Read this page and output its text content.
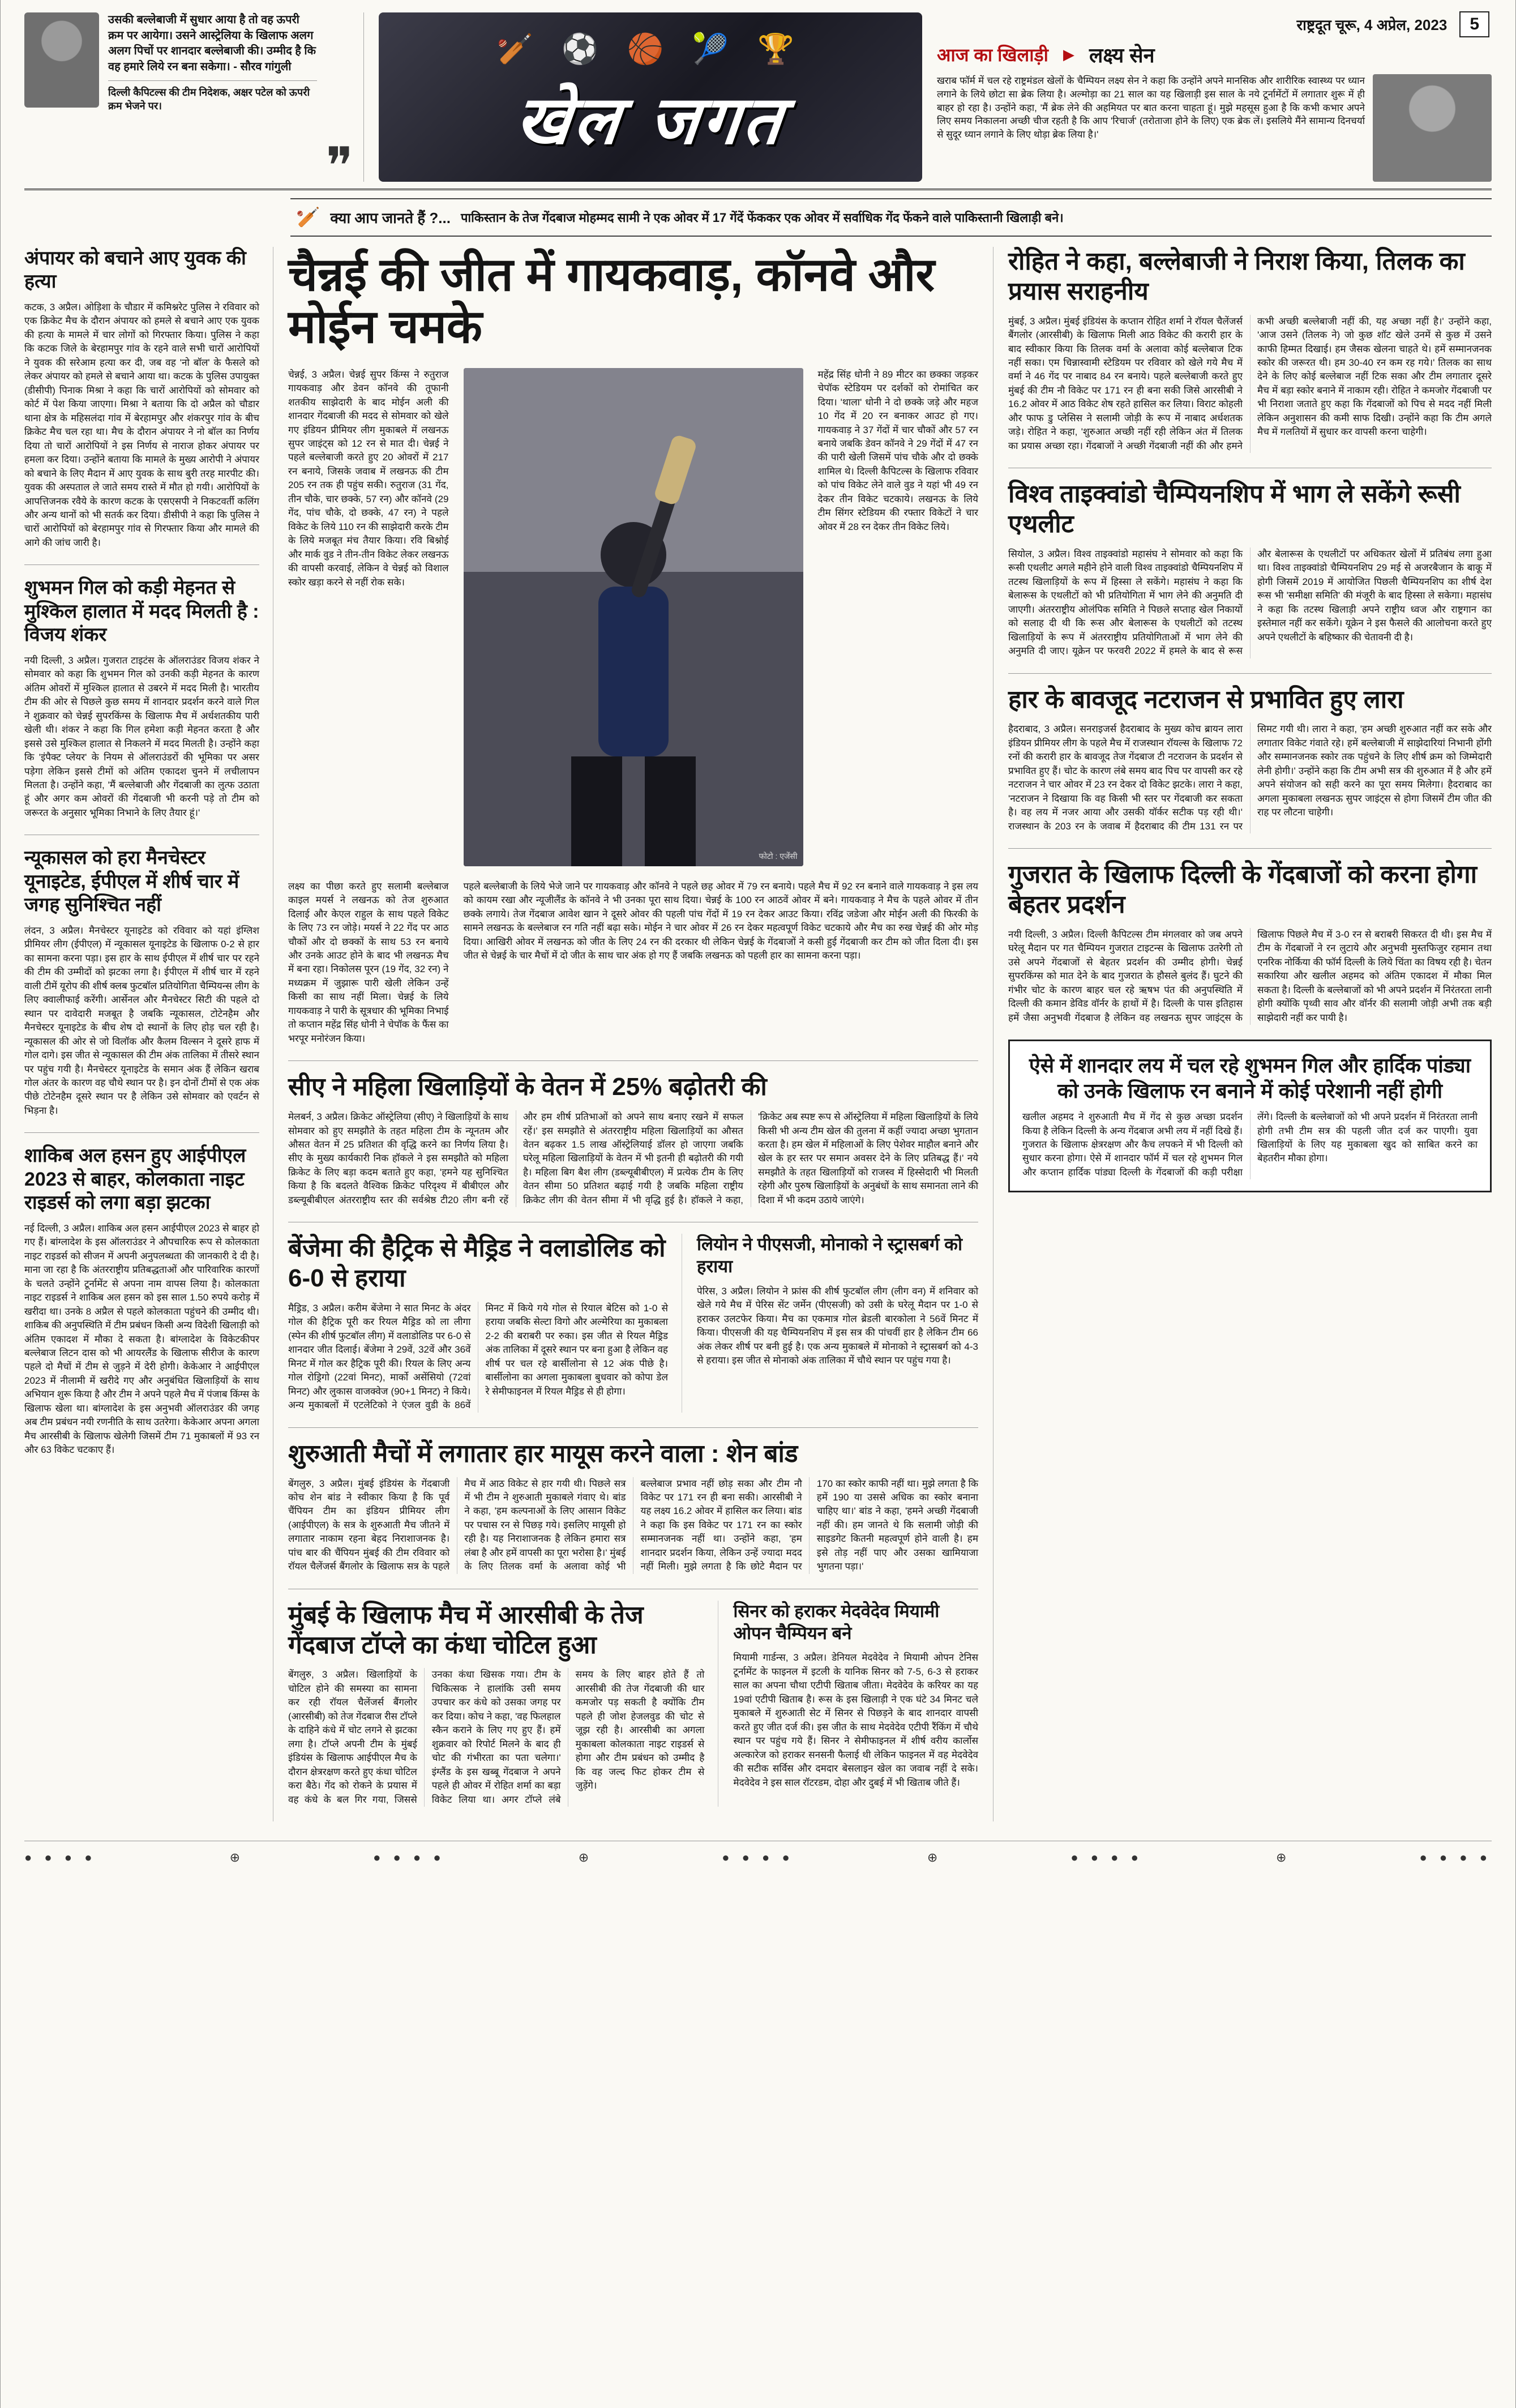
राष्ट्रदूत चूरू, 4 अप्रेल, 2023	5

उसकी बल्लेबाजी में सुधार आया है तो वह ऊपरी क्रम पर आयेगा। उसने आस्ट्रेलिया के खिलाफ अलग अलग पिचों पर शानदार बल्लेबाजी की। उम्मीद है कि वह हमारे लिये रन बना सकेगा। - सौरव गांगुली

दिल्ली कैपिटल्स की टीम निदेशक, अक्षर पटेल को ऊपरी क्रम भेजने पर।

❞
🏏 ⚽ 🏀 🎾 🏆
खेल जगत
आज का खिलाड़ी ▶ लक्ष्य सेन

खराब फॉर्म में चल रहे राष्ट्रमंडल खेलों के चैम्पियन लक्ष्य सेन ने कहा कि उन्होंने अपने मानसिक और शारीरिक स्वास्थ्य पर ध्यान लगाने के लिये छोटा सा ब्रेक लिया है। अल्मोड़ा का 21 साल का यह खिलाड़ी इस साल के नये टूर्नामेंटों में लगातार शुरू में ही बाहर हो रहा है। उन्होंने कहा, 'मैं ब्रेक लेने की अहमियत पर बात करना चाहता हूं। मुझे महसूस हुआ है कि कभी कभार अपने लिए समय निकालना अच्छी चीज रहती है कि आप 'रिचार्ज' (तरोताजा होने के लिए) एक ब्रेक लें। इसलिये मैंने सामान्य दिनचर्या से सुदूर ध्यान लगाने के लिए थोड़ा ब्रेक लिया है।'

🏏 क्या आप जानते हैं ?... पाकिस्तान के तेज गेंदबाज मोहम्मद सामी ने एक ओवर में 17 गेंदें फेंककर एक ओवर में सर्वाधिक गेंद फेंकने वाले पाकिस्तानी खिलाड़ी बने।
अंपायर को बचाने आए युवक की हत्या

कटक, 3 अप्रैल। ओड़िशा के चौडार में कमिश्नरेट पुलिस ने रविवार को एक क्रिकेट मैच के दौरान अंपायर को हमले से बचाने आए एक युवक की हत्या के मामले में चार लोगों को गिरफ्तार किया। पुलिस ने कहा कि कटक जिले के बेरहामपुर गांव के रहने वाले सभी चारों आरोपियों ने युवक की सरेआम हत्या कर दी, जब वह 'नो बॉल' के फैसले को लेकर अंपायर को हमले से बचाने आया था। कटक के पुलिस उपायुक्त (डीसीपी) पिनाक मिश्रा ने कहा कि चारों आरोपियों को सोमवार को कोर्ट में पेश किया जाएगा। मिश्रा ने बताया कि दो अप्रैल को चौडार थाना क्षेत्र के महिसलंदा गांव में बेरहामपुर और शंकरपुर गांव के बीच क्रिकेट मैच चल रहा था। मैच के दौरान अंपायर ने नो बॉल का निर्णय दिया तो चारों आरोपियों ने इस निर्णय से नाराज होकर अंपायर पर हमला कर दिया। उन्होंने बताया कि मामले के मुख्य आरोपी ने अंपायर को बचाने के लिए मैदान में आए युवक के साथ बुरी तरह मारपीट की। युवक की अस्पताल ले जाते समय रास्ते में मौत हो गयी। आरोपियों के आपत्तिजनक रवैये के कारण कटक के एसएसपी ने निकटवर्ती कलिंग और अन्य थानों को भी सतर्क कर दिया। डीसीपी ने कहा कि पुलिस ने चारों आरोपियों को बेरहामपुर गांव से गिरफ्तार किया और मामले की आगे की जांच जारी है।

शुभमन गिल को कड़ी मेहनत से मुश्किल हालात में मदद मिलती है : विजय शंकर

नयी दिल्ली, 3 अप्रैल। गुजरात टाइटंस के ऑलराउंडर विजय शंकर ने सोमवार को कहा कि शुभमन गिल को उनकी कड़ी मेहनत के कारण अंतिम ओवरों में मुश्किल हालात से उबरने में मदद मिली है। भारतीय टीम की ओर से पिछले कुछ समय में शानदार प्रदर्शन करने वाले गिल ने शुक्रवार को चेन्नई सुपरकिंग्स के खिलाफ मैच में अर्धशतकीय पारी खेली थी। शंकर ने कहा कि गिल हमेशा कड़ी मेहनत करता है और इससे उसे मुश्किल हालात से निकलने में मदद मिलती है। उन्होंने कहा कि 'इंपैक्ट प्लेयर' के नियम से ऑलराउंडरों की भूमिका पर असर पड़ेगा लेकिन इससे टीमों को अंतिम एकादश चुनने में लचीलापन मिलता है। उन्होंने कहा, 'मैं बल्लेबाजी और गेंदबाजी का लुत्फ उठाता हूं और अगर कम ओवरों की गेंदबाजी भी करनी पड़े तो टीम को जरूरत के अनुसार भूमिका निभाने के लिए तैयार हूं।'

न्यूकासल को हरा मैनचेस्टर यूनाइटेड, ईपीएल में शीर्ष चार में जगह सुनिश्चित नहीं

लंदन, 3 अप्रैल। मैनचेस्टर यूनाइटेड को रविवार को यहां इंग्लिश प्रीमियर लीग (ईपीएल) में न्यूकासल यूनाइटेड के खिलाफ 0-2 से हार का सामना करना पड़ा। इस हार के साथ ईपीएल में शीर्ष चार पर रहने की टीम की उम्मीदों को झटका लगा है। ईपीएल में शीर्ष चार में रहने वाली टीमें यूरोप की शीर्ष क्लब फुटबॉल प्रतियोगिता चैम्पियन्स लीग के लिए क्वालीफाई करेंगी। आर्सेनल और मैनचेस्टर सिटी की पहले दो स्थान पर दावेदारी मजबूत है जबकि न्यूकासल, टोटेनहैम और मैनचेस्टर यूनाइटेड के बीच शेष दो स्थानों के लिए होड़ चल रही है। न्यूकासल की ओर से जो विलॉक और कैलम विल्सन ने दूसरे हाफ में गोल दागे। इस जीत से न्यूकासल की टीम अंक तालिका में तीसरे स्थान पर पहुंच गयी है। मैनचेस्टर यूनाइटेड के समान अंक हैं लेकिन खराब गोल अंतर के कारण वह चौथे स्थान पर है। इन दोनों टीमों से एक अंक पीछे टोटेनहैम दूसरे स्थान पर है लेकिन उसे सोमवार को एवर्टन से भिड़ना है।

शाकिब अल हसन हुए आईपीएल 2023 से बाहर, कोलकाता नाइट राइडर्स को लगा बड़ा झटका

नई दिल्ली, 3 अप्रैल। शाकिब अल हसन आईपीएल 2023 से बाहर हो गए हैं। बांग्लादेश के इस ऑलराउंडर ने औपचारिक रूप से कोलकाता नाइट राइडर्स को सीजन में अपनी अनुपलब्धता की जानकारी दे दी है। माना जा रहा है कि अंतरराष्ट्रीय प्रतिबद्धताओं और पारिवारिक कारणों के चलते उन्होंने टूर्नामेंट से अपना नाम वापस लिया है। कोलकाता नाइट राइडर्स ने शाकिब अल हसन को इस साल 1.50 रुपये करोड़ में खरीदा था। उनके 8 अप्रैल से पहले कोलकाता पहुंचने की उम्मीद थी। शाकिब की अनुपस्थिति में टीम प्रबंधन किसी अन्य विदेशी खिलाड़ी को अंतिम एकादश में मौका दे सकता है। बांग्लादेश के विकेटकीपर बल्लेबाज लिटन दास को भी आयरलैंड के खिलाफ सीरीज के कारण पहले दो मैचों में टीम से जुड़ने में देरी होगी। केकेआर ने आईपीएल 2023 में नीलामी में खरीदे गए और अनुबंधित खिलाड़ियों के साथ अभियान शुरू किया है और टीम ने अपने पहले मैच में पंजाब किंग्स के खिलाफ खेला था। बांग्लादेश के इस अनुभवी ऑलराउंडर की जगह अब टीम प्रबंधन नयी रणनीति के साथ उतरेगा। केकेआर अपना अगला मैच आरसीबी के खिलाफ खेलेगी जिसमें टीम 71 मुकाबलों में 93 रन और 63 विकेट चटकाए हैं।

चैन्नई की जीत में गायकवाड़, कॉनवे और मोईन चमके

चेन्नई, 3 अप्रैल। चेन्नई सुपर किंग्स ने रुतुराज गायकवाड़ और डेवन कॉनवे की तूफानी शतकीय साझेदारी के बाद मोईन अली की शानदार गेंदबाजी की मदद से सोमवार को खेले गए इंडियन प्रीमियर लीग मुकाबले में लखनऊ सुपर जाइंट्स को 12 रन से मात दी। चेन्नई ने पहले बल्लेबाजी करते हुए 20 ओवरों में 217 रन बनाये, जिसके जवाब में लखनऊ की टीम 205 रन तक ही पहुंच सकी। रुतुराज (31 गेंद, तीन चौके, चार छक्के, 57 रन) और कॉनवे (29 गेंद, पांच चौके, दो छक्के, 47 रन) ने पहले विकेट के लिये 110 रन की साझेदारी करके टीम के लिये मजबूत मंच तैयार किया। रवि बिश्नोई और मार्क वुड ने तीन-तीन विकेट लेकर लखनऊ की वापसी करवाई, लेकिन वे चेन्नई को विशाल स्कोर खड़ा करने से नहीं रोक सके।

फोटो : एजेंसी

महेंद्र सिंह धोनी ने 89 मीटर का छक्का जड़कर चेपॉक स्टेडियम पर दर्शकों को रोमांचित कर दिया। 'थाला' धोनी ने दो छक्के जड़े और महज 10 गेंद में 20 रन बनाकर आउट हो गए। गायकवाड़ ने 37 गेंदों में चार चौकों और 57 रन बनाये जबकि डेवन कॉनवे ने 29 गेंदों में 47 रन की पारी खेली जिसमें पांच चौके और दो छक्के शामिल थे। दिल्ली कैपिटल्स के खिलाफ रविवार को पांच विकेट लेने वाले वुड ने यहां भी 49 रन देकर तीन विकेट चटकाये। लखनऊ के लिये टीम सिंगर स्टेडियम की रफ्तार विकेटों ने चार ओवर में 28 रन देकर तीन विकेट लिये।

लक्ष्य का पीछा करते हुए सलामी बल्लेबाज काइल मयर्स ने लखनऊ को तेज शुरुआत दिलाई और केएल राहुल के साथ पहले विकेट के लिए 73 रन जोड़े। मयर्स ने 22 गेंद पर आठ चौकों और दो छक्कों के साथ 53 रन बनाये और उनके आउट होने के बाद भी लखनऊ मैच में बना रहा। निकोलस पूरन (19 गेंद, 32 रन) ने मध्यक्रम में जुझारू पारी खेली लेकिन उन्हें किसी का साथ नहीं मिला। चेन्नई के लिये गायकवाड़ ने पारी के सूत्रधार की भूमिका निभाई तो कप्तान महेंद्र सिंह धोनी ने चेपॉक के फैंस का भरपूर मनोरंजन किया।

पहले बल्लेबाजी के लिये भेजे जाने पर गायकवाड़ और कॉनवे ने पहले छह ओवर में 79 रन बनाये। पहले मैच में 92 रन बनाने वाले गायकवाड़ ने इस लय को कायम रखा और न्यूजीलैंड के कॉनवे ने भी उनका पूरा साथ दिया। चेन्नई के 100 रन आठवें ओवर में बने। गायकवाड़ ने मैच के पहले ओवर में तीन छक्के लगाये। तेज गेंदबाज आवेश खान ने दूसरे ओवर की पहली पांच गेंदों में 19 रन देकर आउट किया। रविंद्र जडेजा और मोईन अली की फिरकी के सामने लखनऊ के बल्लेबाज रन गति नहीं बढ़ा सके। मोईन ने चार ओवर में 26 रन देकर महत्वपूर्ण विकेट चटकाये और मैच का रुख चेन्नई की ओर मोड़ दिया। आखिरी ओवर में लखनऊ को जीत के लिए 24 रन की दरकार थी लेकिन चेन्नई के गेंदबाजों ने कसी हुई गेंदबाजी कर टीम को जीत दिला दी। इस जीत से चेन्नई के चार मैचों में दो जीत के साथ चार अंक हो गए हैं जबकि लखनऊ को पहली हार का सामना करना पड़ा।

सीए ने महिला खिलाड़ियों के वेतन में 25% बढ़ोतरी की

मेलबर्न, 3 अप्रैल। क्रिकेट ऑस्ट्रेलिया (सीए) ने खिलाड़ियों के साथ सोमवार को हुए समझौते के तहत महिला टीम के न्यूनतम और औसत वेतन में 25 प्रतिशत की वृद्धि करने का निर्णय लिया है। सीए के मुख्य कार्यकारी निक हॉकले ने इस समझौते को महिला क्रिकेट के लिए बड़ा कदम बताते हुए कहा, 'हमने यह सुनिश्चित किया है कि बदलते वैश्विक क्रिकेट परिदृश्य में बीबीएल और डब्ल्यूबीबीएल अंतरराष्ट्रीय स्तर की सर्वश्रेष्ठ टी20 लीग बनी रहें और हम शीर्ष प्रतिभाओं को अपने साथ बनाए रखने में सफल रहें।' इस समझौते से अंतरराष्ट्रीय महिला खिलाड़ियों का औसत वेतन बढ़कर 1.5 लाख ऑस्ट्रेलियाई डॉलर हो जाएगा जबकि घरेलू महिला खिलाड़ियों के वेतन में भी इतनी ही बढ़ोतरी की गयी है। महिला बिग बैश लीग (डब्ल्यूबीबीएल) में प्रत्येक टीम के लिए वेतन सीमा 50 प्रतिशत बढ़ाई गयी है जबकि महिला राष्ट्रीय क्रिकेट लीग की वेतन सीमा में भी वृद्धि हुई है। हॉकले ने कहा, 'क्रिकेट अब स्पष्ट रूप से ऑस्ट्रेलिया में महिला खिलाड़ियों के लिये किसी भी अन्य टीम खेल की तुलना में कहीं ज्यादा अच्छा भुगतान करता है। हम खेल में महिलाओं के लिए पेशेवर माहौल बनाने और खेल के हर स्तर पर समान अवसर देने के लिए प्रतिबद्ध हैं।' नये समझौते के तहत खिलाड़ियों को राजस्व में हिस्सेदारी भी मिलती रहेगी और पुरुष खिलाड़ियों के अनुबंधों के साथ समानता लाने की दिशा में भी कदम उठाये जाएंगे।

बेंजेमा की हैट्रिक से मैड्रिड ने वलाडोलिड को 6-0 से हराया

मैड्रिड, 3 अप्रैल। करीम बेंजेमा ने सात मिनट के अंदर गोल की हैट्रिक पूरी कर रियल मैड्रिड को ला लीगा (स्पेन की शीर्ष फुटबॉल लीग) में वलाडोलिड पर 6-0 से शानदार जीत दिलाई। बेंजेमा ने 29वें, 32वें और 36वें मिनट में गोल कर हैट्रिक पूरी की। रियल के लिए अन्य गोल रोड्रिगो (22वां मिनट), मार्को असेंसियो (72वां मिनट) और लुकास वाजक्वेज (90+1 मिनट) ने किये। अन्य मुकाबलों में एटलेटिको ने एंजल वुडी के 86वें मिनट में किये गये गोल से रियाल बेटिस को 1-0 से हराया जबकि सेल्टा विगो और अल्मेरिया का मुकाबला 2-2 की बराबरी पर रुका। इस जीत से रियल मैड्रिड अंक तालिका में दूसरे स्थान पर बना हुआ है लेकिन वह शीर्ष पर चल रहे बार्सीलोना से 12 अंक पीछे है। बार्सीलोना का अगला मुकाबला बुधवार को कोपा डेल रे सेमीफाइनल में रियल मैड्रिड से ही होगा।

लियोन ने पीएसजी, मोनाको ने स्ट्रासबर्ग को हराया

पेरिस, 3 अप्रैल। लियोन ने फ्रांस की शीर्ष फुटबॉल लीग (लीग वन) में शनिवार को खेले गये मैच में पेरिस सेंट जर्मेन (पीएसजी) को उसी के घरेलू मैदान पर 1-0 से हराकर उलटफेर किया। मैच का एकमात्र गोल ब्रेडली बारकोला ने 56वें मिनट में किया। पीएसजी की यह चैम्पियनशिप में इस सत्र की पांचवीं हार है लेकिन टीम 66 अंक लेकर शीर्ष पर बनी हुई है। एक अन्य मुकाबले में मोनाको ने स्ट्रासबर्ग को 4-3 से हराया। इस जीत से मोनाको अंक तालिका में चौथे स्थान पर पहुंच गया है।

शुरुआती मैचों में लगातार हार मायूस करने वाला : शेन बांड

बेंगलुरु, 3 अप्रैल। मुंबई इंडियंस के गेंदबाजी कोच शेन बांड ने स्वीकार किया है कि पूर्व चैंपियन टीम का इंडियन प्रीमियर लीग (आईपीएल) के सत्र के शुरुआती मैच जीतने में लगातार नाकाम रहना बेहद निराशाजनक है। पांच बार की चैंपियन मुंबई की टीम रविवार को रॉयल चैलेंजर्स बैंगलोर के खिलाफ सत्र के पहले मैच में आठ विकेट से हार गयी थी। पिछले सत्र में भी टीम ने शुरुआती मुकाबले गंवाए थे। बांड ने कहा, 'हम कल्पनाओं के लिए आसान विकेट पर पचास रन से पिछड़ गये। इसलिए मायूसी हो रही है। यह निराशाजनक है लेकिन हमारा सत्र लंबा है और हमें वापसी का पूरा भरोसा है।' मुंबई के लिए तिलक वर्मा के अलावा कोई भी बल्लेबाज प्रभाव नहीं छोड़ सका और टीम नौ विकेट पर 171 रन ही बना सकी। आरसीबी ने यह लक्ष्य 16.2 ओवर में हासिल कर लिया। बांड ने कहा कि इस विकेट पर 171 रन का स्कोर सम्मानजनक नहीं था। उन्होंने कहा, 'हम शानदार प्रदर्शन किया, लेकिन उन्हें ज्यादा मदद नहीं मिली। मुझे लगता है कि छोटे मैदान पर 170 का स्कोर काफी नहीं था। मुझे लगता है कि हमें 190 या उससे अधिक का स्कोर बनाना चाहिए था।' बांड ने कहा, 'हमने अच्छी गेंदबाजी नहीं की। हम जानते थे कि सलामी जोड़ी की साइडगेट कितनी महत्वपूर्ण होने वाली है। हम इसे तोड़ नहीं पाए और उसका खामियाजा भुगतना पड़ा।'

मुंबई के खिलाफ मैच में आरसीबी के तेज गेंदबाज टॉप्ले का कंधा चोटिल हुआ

बेंगलुरु, 3 अप्रैल। खिलाड़ियों के चोटिल होने की समस्या का सामना कर रही रॉयल चैलेंजर्स बैंगलोर (आरसीबी) को तेज गेंदबाज रीस टॉप्ले के दाहिने कंधे में चोट लगने से झटका लगा है। टॉप्ले अपनी टीम के मुंबई इंडियंस के खिलाफ आईपीएल मैच के दौरान क्षेत्ररक्षण करते हुए कंधा चोटिल करा बैठे। गेंद को रोकने के प्रयास में वह कंधे के बल गिर गया, जिससे उनका कंधा खिसक गया। टीम के चिकित्सक ने हालांकि उसी समय उपचार कर कंधे को उसका जगह पर कर दिया। कोच ने कहा, 'वह फिलहाल स्कैन कराने के लिए गए हुए हैं। हमें शुक्रवार को रिपोर्ट मिलने के बाद ही चोट की गंभीरता का पता चलेगा।' इंग्लैंड के इस खब्बू गेंदबाज ने अपने पहले ही ओवर में रोहित शर्मा का बड़ा विकेट लिया था। अगर टॉप्ले लंबे समय के लिए बाहर होते हैं तो आरसीबी की तेज गेंदबाजी की धार कमजोर पड़ सकती है क्योंकि टीम पहले ही जोश हेजलवुड की चोट से जूझ रही है। आरसीबी का अगला मुकाबला कोलकाता नाइट राइडर्स से होगा और टीम प्रबंधन को उम्मीद है कि वह जल्द फिट होकर टीम से जुड़ेंगे।

सिनर को हराकर मेदवेदेव मियामी ओपन चैम्पियन बने

मियामी गार्डन्स, 3 अप्रैल। डेनियल मेदवेदेव ने मियामी ओपन टेनिस टूर्नामेंट के फाइनल में इटली के यानिक सिनर को 7-5, 6-3 से हराकर साल का अपना चौथा एटीपी खिताब जीता। मेदवेदेव के करियर का यह 19वां एटीपी खिताब है। रूस के इस खिलाड़ी ने एक घंटे 34 मिनट चले मुकाबले में शुरुआती सेट में सिनर से पिछड़ने के बाद शानदार वापसी करते हुए जीत दर्ज की। इस जीत के साथ मेदवेदेव एटीपी रैंकिंग में चौथे स्थान पर पहुंच गये हैं। सिनर ने सेमीफाइनल में शीर्ष वरीय कार्लोस अल्कारेज को हराकर सनसनी फैलाई थी लेकिन फाइनल में वह मेदवेदेव की सटीक सर्विस और दमदार बेसलाइन खेल का जवाब नहीं दे सके। मेदवेदेव ने इस साल रॉटरडम, दोहा और दुबई में भी खिताब जीते हैं।

रोहित ने कहा, बल्लेबाजी ने निराश किया, तिलक का प्रयास सराहनीय

मुंबई, 3 अप्रैल। मुंबई इंडियंस के कप्तान रोहित शर्मा ने रॉयल चैलेंजर्स बैंगलोर (आरसीबी) के खिलाफ मिली आठ विकेट की करारी हार के बाद स्वीकार किया कि तिलक वर्मा के अलावा कोई बल्लेबाज टिक नहीं सका। एम चिन्नास्वामी स्टेडियम पर रविवार को खेले गये मैच में वर्मा ने 46 गेंद पर नाबाद 84 रन बनाये। पहले बल्लेबाजी करते हुए मुंबई की टीम नौ विकेट पर 171 रन ही बना सकी जिसे आरसीबी ने 16.2 ओवर में आठ विकेट शेष रहते हासिल कर लिया। विराट कोहली और फाफ डु प्लेसिस ने सलामी जोड़ी के रूप में नाबाद अर्धशतक जड़े। रोहित ने कहा, 'शुरुआत अच्छी नहीं रही लेकिन अंत में तिलक का प्रयास अच्छा रहा। गेंदबाजों ने अच्छी गेंदबाजी नहीं की और हमने कभी अच्छी बल्लेबाजी नहीं की, यह अच्छा नहीं है।' उन्होंने कहा, 'आज उसने (तिलक ने) जो कुछ शॉट खेले उनमें से कुछ में उसने काफी हिम्मत दिखाई। हम जैसक खेलना चाहते थे। हमें सम्मानजनक स्कोर की जरूरत थी। हम 30-40 रन कम रह गये।' तिलक का साथ देने के लिए कोई बल्लेबाज नहीं टिक सका और टीम लगातार दूसरे मैच में बड़ा स्कोर बनाने में नाकाम रही। रोहित ने कमजोर गेंदबाजी पर भी निराशा जताते हुए कहा कि गेंदबाजों को पिच से मदद नहीं मिली लेकिन अनुशासन की कमी साफ दिखी। उन्होंने कहा कि टीम अगले मैच में गलतियों में सुधार कर वापसी करना चाहेगी।

विश्व ताइक्वांडो चैम्पियनशिप में भाग ले सकेंगे रूसी एथलीट

सियोल, 3 अप्रैल। विश्व ताइक्वांडो महासंघ ने सोमवार को कहा कि रूसी एथलीट अगले महीने होने वाली विश्व ताइक्वांडो चैम्पियनशिप में तटस्थ खिलाड़ियों के रूप में हिस्सा ले सकेंगे। महासंघ ने कहा कि बेलारूस के एथलीटों को भी प्रतियोगिता में भाग लेने की अनुमति दी जाएगी। अंतरराष्ट्रीय ओलंपिक समिति ने पिछले सप्ताह खेल निकायों को सलाह दी थी कि रूस और बेलारूस के एथलीटों को तटस्थ खिलाड़ियों के रूप में अंतरराष्ट्रीय प्रतियोगिताओं में भाग लेने की अनुमति दी जाए। यूक्रेन पर फरवरी 2022 में हमले के बाद से रूस और बेलारूस के एथलीटों पर अधिकतर खेलों में प्रतिबंध लगा हुआ था। विश्व ताइक्वांडो चैम्पियनशिप 29 मई से अजरबैजान के बाकू में होगी जिसमें 2019 में आयोजित पिछली चैम्पियनशिप का शीर्ष देश रूस भी 'समीक्षा समिति' की मंजूरी के बाद हिस्सा ले सकेगा। महासंघ ने कहा कि तटस्थ खिलाड़ी अपने राष्ट्रीय ध्वज और राष्ट्रगान का इस्तेमाल नहीं कर सकेंगे। यूक्रेन ने इस फैसले की आलोचना करते हुए अपने एथलीटों के बहिष्कार की चेतावनी दी है।

हार के बावजूद नटराजन से प्रभावित हुए लारा

हैदराबाद, 3 अप्रैल। सनराइजर्स हैदराबाद के मुख्य कोच ब्रायन लारा इंडियन प्रीमियर लीग के पहले मैच में राजस्थान रॉयल्स के खिलाफ 72 रनों की करारी हार के बावजूद तेज गेंदबाज टी नटराजन के प्रदर्शन से प्रभावित हुए हैं। चोट के कारण लंबे समय बाद पिच पर वापसी कर रहे नटराजन ने चार ओवर में 23 रन देकर दो विकेट झटके। लारा ने कहा, 'नटराजन ने दिखाया कि वह किसी भी स्तर पर गेंदबाजी कर सकता है। वह लय में नजर आया और उसकी यॉर्कर सटीक पड़ रही थी।' राजस्थान के 203 रन के जवाब में हैदराबाद की टीम 131 रन पर सिमट गयी थी। लारा ने कहा, 'हम अच्छी शुरुआत नहीं कर सके और लगातार विकेट गंवाते रहे। हमें बल्लेबाजी में साझेदारियां निभानी होंगी और सम्मानजनक स्कोर तक पहुंचने के लिए शीर्ष क्रम को जिम्मेदारी लेनी होगी।' उन्होंने कहा कि टीम अभी सत्र की शुरुआत में है और हमें अपने संयोजन को सही करने का पूरा समय मिलेगा। हैदराबाद का अगला मुकाबला लखनऊ सुपर जाइंट्स से होगा जिसमें टीम जीत की राह पर लौटना चाहेगी।

गुजरात के खिलाफ दिल्ली के गेंदबाजों को करना होगा बेहतर प्रदर्शन

नयी दिल्ली, 3 अप्रैल। दिल्ली कैपिटल्स टीम मंगलवार को जब अपने घरेलू मैदान पर गत चैम्पियन गुजरात टाइटन्स के खिलाफ उतरेगी तो उसे अपने गेंदबाजों से बेहतर प्रदर्शन की उम्मीद होगी। चेन्नई सुपरकिंग्स को मात देने के बाद गुजरात के हौसले बुलंद हैं। घुटने की गंभीर चोट के कारण बाहर चल रहे ऋषभ पंत की अनुपस्थिति में दिल्ली की कमान डेविड वॉर्नर के हाथों में है। दिल्ली के पास इतिहास हमें जैसा अनुभवी गेंदबाज है लेकिन वह लखनऊ सुपर जाइंट्स के खिलाफ पिछले मैच में 3-0 रन से बराबरी सिकरत दी थी। इस मैच में टीम के गेंदबाजों ने रन लुटाये और अनुभवी मुस्तफिजुर रहमान तथा एनरिक नोर्किया की फॉर्म दिल्ली के लिये चिंता का विषय रही है। चेतन सकारिया और खलील अहमद को अंतिम एकादश में मौका मिल सकता है। दिल्ली के बल्लेबाजों को भी अपने प्रदर्शन में निरंतरता लानी होगी क्योंकि पृथ्वी साव और वॉर्नर की सलामी जोड़ी अभी तक बड़ी साझेदारी नहीं कर पायी है।

ऐसे में शानदार लय में चल रहे शुभमन गिल और हार्दिक पांड्या को उनके खिलाफ रन बनाने में कोई परेशानी नहीं होगी

खलील अहमद ने शुरुआती मैच में गेंद से कुछ अच्छा प्रदर्शन किया है लेकिन दिल्ली के अन्य गेंदबाज अभी लय में नहीं दिखे हैं। गुजरात के खिलाफ क्षेत्ररक्षण और कैच लपकने में भी दिल्ली को सुधार करना होगा। ऐसे में शानदार फॉर्म में चल रहे शुभमन गिल और कप्तान हार्दिक पांड्या दिल्ली के गेंदबाजों की कड़ी परीक्षा लेंगे। दिल्ली के बल्लेबाजों को भी अपने प्रदर्शन में निरंतरता लानी होगी तभी टीम सत्र की पहली जीत दर्ज कर पाएगी। युवा खिलाड़ियों के लिए यह मुकाबला खुद को साबित करने का बेहतरीन मौका होगा।

● ● ● ●	⊕	● ● ● ●	⊕	● ● ● ●	⊕	● ● ● ●	⊕	● ● ● ●
